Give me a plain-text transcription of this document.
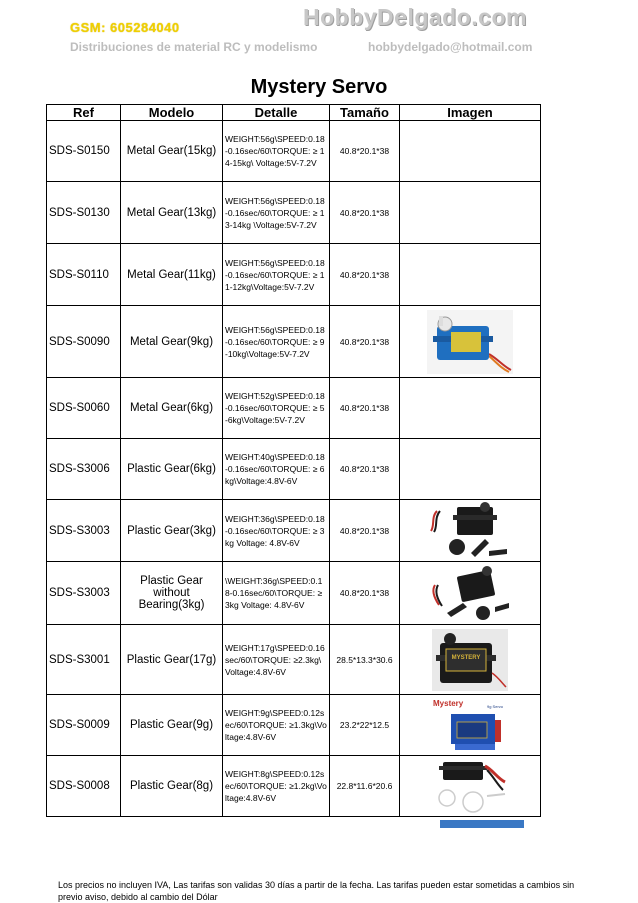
GSM: 605284040	HobbyDelgado.com
Distribuciones de material RC y modelismo	hobbydelgado@hotmail.com
Mystery Servo
Ref	Modelo	Detalle	Tamaño	Imagen
SDS-S0150	Metal Gear(15kg)	WEIGHT:56g\SPEED:0.18-0.16sec/60\TORQUE: ≥ 14-15kg\ Voltage:5V-7.2V	40.8*20.1*38	
SDS-S0130	Metal Gear(13kg)	WEIGHT:56g\SPEED:0.18-0.16sec/60\TORQUE: ≥ 13-14kg \Voltage:5V-7.2V	40.8*20.1*38	
SDS-S0110	Metal Gear(11kg)	WEIGHT:56g\SPEED:0.18-0.16sec/60\TORQUE: ≥ 11-12kg\Voltage:5V-7.2V	40.8*20.1*38	
SDS-S0090	Metal Gear(9kg)	WEIGHT:56g\SPEED:0.18-0.16sec/60\TORQUE: ≥ 9-10kg\Voltage:5V-7.2V	40.8*20.1*38	

SDS-S0060	Metal Gear(6kg)	WEIGHT:52g\SPEED:0.18-0.16sec/60\TORQUE: ≥ 5-6kg\Voltage:5V-7.2V	40.8*20.1*38	
SDS-S3006	Plastic Gear(6kg)	WEIGHT:40g\SPEED:0.18-0.16sec/60\TORQUE: ≥ 6kg\Voltage:4.8V-6V	40.8*20.1*38	
SDS-S3003	Plastic Gear(3kg)	WEIGHT:36g\SPEED:0.18-0.16sec/60\TORQUE: ≥ 3kg Voltage: 4.8V-6V	40.8*20.1*38	

SDS-S3003	Plastic Gear without Bearing(3kg)	\WEIGHT:36g\SPEED:0.18-0.16sec/60\TORQUE: ≥ 3kg Voltage: 4.8V-6V	40.8*20.1*38	

SDS-S3001	Plastic Gear(17g)	WEIGHT:17g\SPEED:0.16sec/60\TORQUE: ≥2.3kg\ Voltage:4.8V-6V	28.5*13.3*30.6	MYSTERY

SDS-S0009	Plastic Gear(9g)	WEIGHT:9g\SPEED:0.12sec/60\TORQUE: ≥1.3kg\Voltage:4.8V-6V	23.2*22*12.5	Mystery 9g Servo

SDS-S0008	Plastic Gear(8g)	WEIGHT:8g\SPEED:0.12sec/60\TORQUE: ≥1.2kg\Voltage:4.8V-6V	22.8*11.6*20.6	
Los precios no incluyen IVA, Las tarifas son validas 30 días a partir de la fecha. Las tarifas pueden estar sometidas a cambios sin previo aviso, debido al cambio del Dólar
